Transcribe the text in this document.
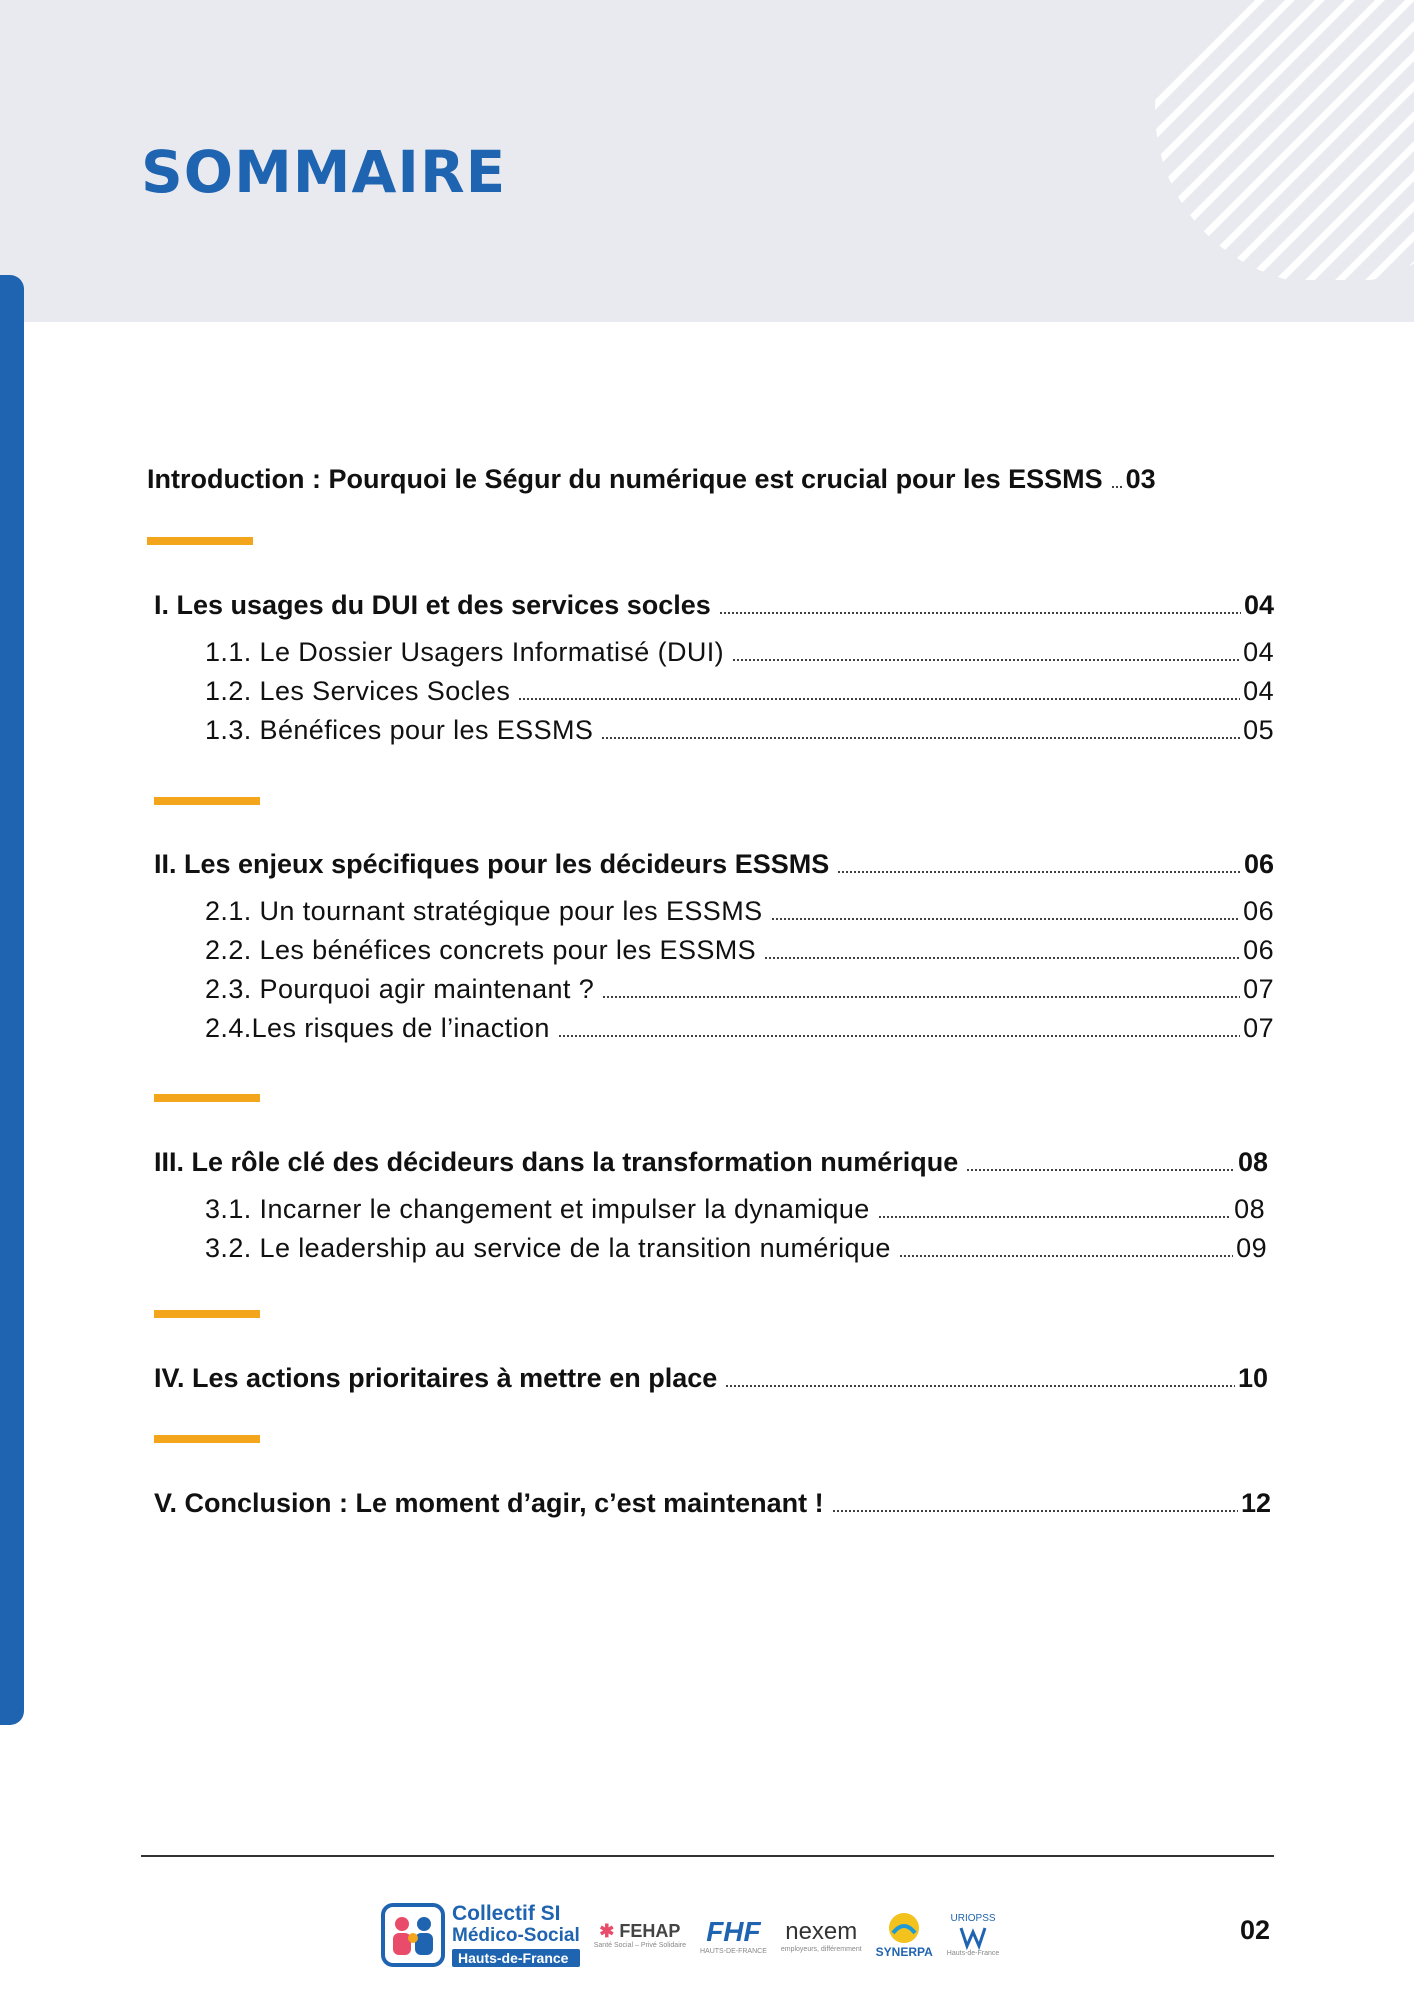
SOMMAIRE
Introduction : Pourquoi le Ségur du numérique est crucial pour les ESSMS 03
I. Les usages du DUI et des services socles	04
1.1. Le Dossier Usagers Informatisé (DUI)	04
1.2. Les Services Socles	04
1.3. Bénéfices pour les ESSMS	05
II. Les enjeux spécifiques pour les décideurs ESSMS	06
2.1. Un tournant stratégique pour les ESSMS	06
2.2. Les bénéfices concrets pour les ESSMS	06
2.3. Pourquoi agir maintenant ?	07
2.4.Les risques de l’inaction	07
III. Le rôle clé des décideurs dans la transformation numérique	08
3.1. Incarner le changement et impulser la dynamique	08
3.2. Le leadership au service de la transition numérique	09
IV. Les actions prioritaires à mettre en place	10
V. Conclusion : Le moment d’agir, c’est maintenant !	12
Collectif SI
Médico-Social
Hauts-de-France
✱ FEHAP
Santé Social – Privé Solidaire FHF
HAUTS-DE-FRANCE
nexem
employeurs, différemment SYNERPA
URIOPSS
Hauts-de-France
02
